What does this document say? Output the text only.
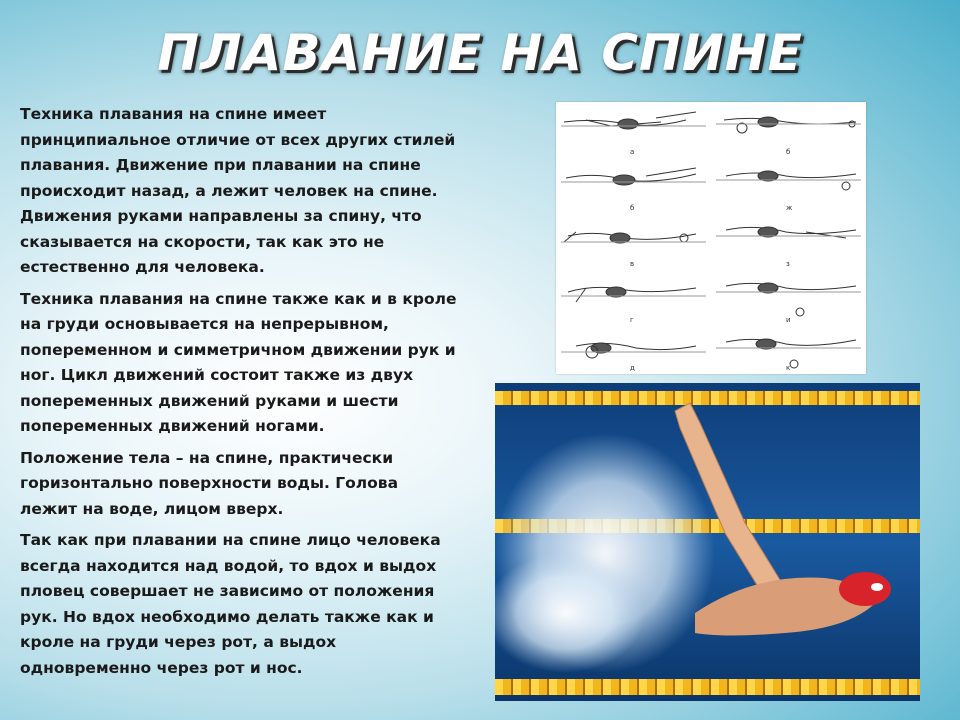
ПЛАВАНИЕ НА СПИНЕ

Техника плавания на спине имеет принципиальное отличие от всех других стилей плавания. Движение при плавании на спине происходит назад, а лежит человек на спине. Движения руками направлены за спину, что сказывается на скорости, так как это не естественно для человека.

Техника плавания на спине также как и в кроле на груди основывается на непрерывном, попеременном и симметричном движении рук и ног. Цикл движений состоит также из двух попеременных движений руками и шести попеременных движений ногами.

Положение тела – на спине, практически горизонтально поверхности воды. Голова лежит на воде, лицом вверх.

Так как при плавании на спине лицо человека всегда находится над водой, то вдох и выдох пловец совершает не зависимо от положения рук. Но вдох необходимо делать также как и кроле на груди через рот, а выдох одновременно через рот и нос.

а	б
б	ж
в	з
г	и
д	к
